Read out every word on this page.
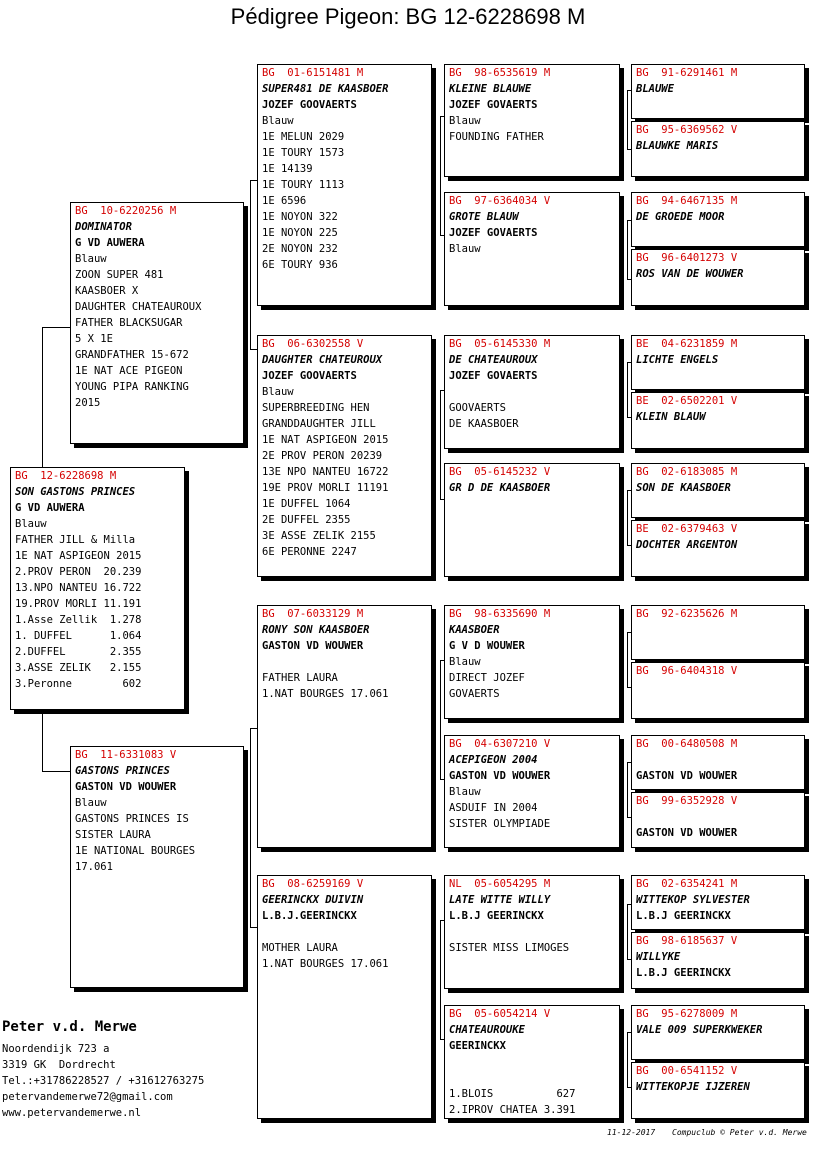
Pédigree Pigeon: BG 12-6228698 M
BG  12-6228698 M
SON GASTONS PRINCES
G VD AUWERA
Blauw
FATHER JILL & Milla
1E NAT ASPIGEON 2015
2.PROV PERON  20.239
13.NPO NANTEU 16.722
19.PROV MORLI 11.191
1.Asse Zellik  1.278
1. DUFFEL      1.064
2.DUFFEL       2.355
3.ASSE ZELIK   2.155
3.Peronne        602
BG  10-6220256 M
DOMINATOR
G VD AUWERA
Blauw
ZOON SUPER 481
KAASBOER X
DAUGHTER CHATEAUROUX
FATHER BLACKSUGAR
5 X 1E
GRANDFATHER 15-672
1E NAT ACE PIGEON
YOUNG PIPA RANKING
2015
BG  11-6331083 V
GASTONS PRINCES
GASTON VD WOUWER
Blauw
GASTONS PRINCES IS
SISTER LAURA
1E NATIONAL BOURGES
17.061
BG  01-6151481 M
SUPER481 DE KAASBOER
JOZEF GOOVAERTS
Blauw
1E MELUN 2029
1E TOURY 1573
1E 14139
1E TOURY 1113
1E 6596
1E NOYON 322
1E NOYON 225
2E NOYON 232
6E TOURY 936
BG  06-6302558 V
DAUGHTER CHATEUROUX
JOZEF GOOVAERTS
Blauw
SUPERBREEDING HEN
GRANDDAUGHTER JILL
1E NAT ASPIGEON 2015
2E PROV PERON 20239
13E NPO NANTEU 16722
19E PROV MORLI 11191
1E DUFFEL 1064
2E DUFFEL 2355
3E ASSE ZELIK 2155
6E PERONNE 2247
BG  07-6033129 M
RONY SON KAASBOER
GASTON VD WOUWER
FATHER LAURA
1.NAT BOURGES 17.061
BG  08-6259169 V
GEERINCKX DUIVIN
L.B.J.GEERINCKX
MOTHER LAURA
1.NAT BOURGES 17.061
BG  98-6535619 M
KLEINE BLAUWE
JOZEF GOVAERTS
Blauw
FOUNDING FATHER
BG  97-6364034 V
GROTE BLAUW
JOZEF GOVAERTS
Blauw
BG  05-6145330 M
DE CHATEAUROUX
JOZEF GOVAERTS
GOOVAERTS
DE KAASBOER
BG  05-6145232 V
GR D DE KAASBOER
BG  98-6335690 M
KAASBOER
G V D WOUWER
Blauw
DIRECT JOZEF
GOVAERTS
BG  04-6307210 V
ACEPIGEON 2004
GASTON VD WOUWER
Blauw
ASDUIF IN 2004
SISTER OLYMPIADE
NL  05-6054295 M
LATE WITTE WILLY
L.B.J GEERINCKX
SISTER MISS LIMOGES
BG  05-6054214 V
CHATEAUROUKE
GEERINCKX
1.BLOIS          627
2.IPROV CHATEA 3.391
BG  91-6291461 M
BLAUWE
BG  95-6369562 V
BLAUWKE MARIS
BG  94-6467135 M
DE GROEDE MOOR
BG  96-6401273 V
ROS VAN DE WOUWER
BE  04-6231859 M
LICHTE ENGELS
BE  02-6502201 V
KLEIN BLAUW
BG  02-6183085 M
SON DE KAASBOER
BE  02-6379463 V
DOCHTER ARGENTON
BG  92-6235626 M
BG  96-6404318 V
BG  00-6480508 M
GASTON VD WOUWER
BG  99-6352928 V
GASTON VD WOUWER
BG  02-6354241 M
WITTEKOP SYLVESTER
L.B.J GEERINCKX
BG  98-6185637 V
WILLYKE
L.B.J GEERINCKX
BG  95-6278009 M
VALE 009 SUPERKWEKER
BG  00-6541152 V
WITTEKOPJE IJZEREN
Peter v.d. Merwe
Noordendijk 723 a
3319 GK  Dordrecht
Tel.:+31786228527 / +31612763275
petervandemerwe72@gmail.com
www.petervandemerwe.nl
11-12-2017 Compuclub © Peter v.d. Merwe
